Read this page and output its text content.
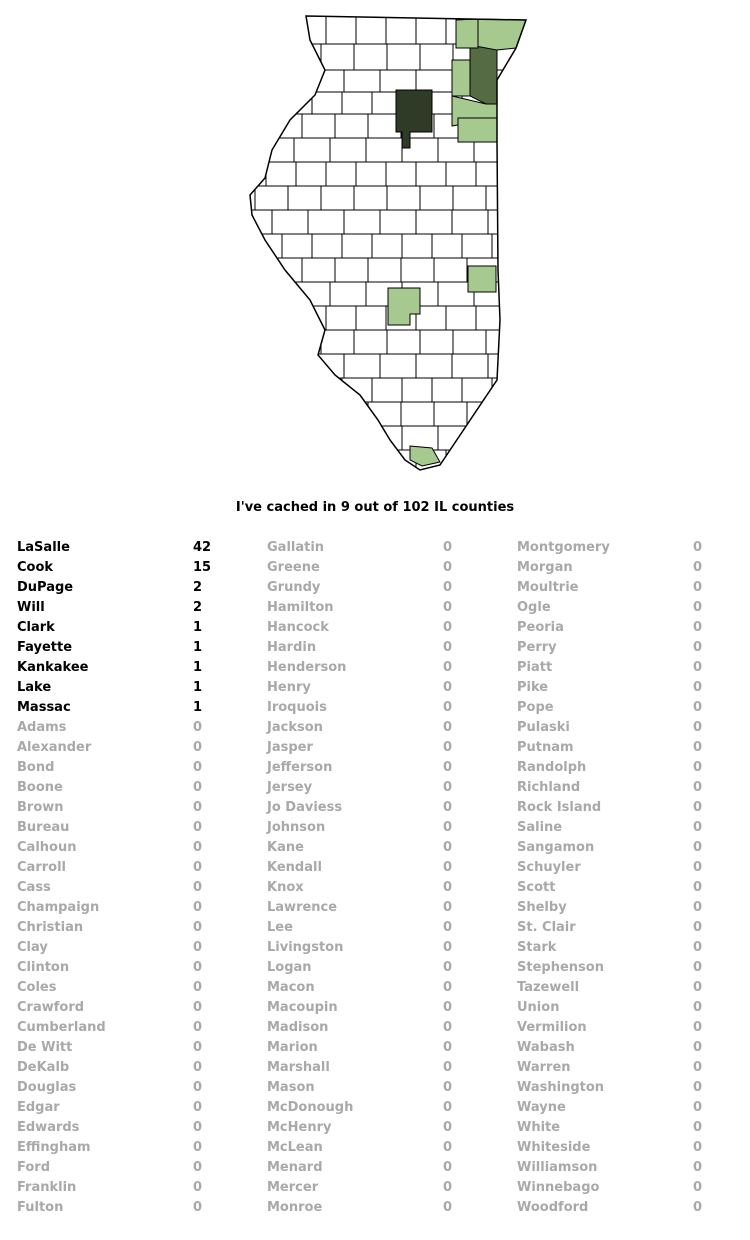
I've cached in 9 out of 102 IL counties
LaSalle	42
Cook	15
DuPage	2
Will	2
Clark	1
Fayette	1
Kankakee	1
Lake	1
Massac	1
Adams	0
Alexander	0
Bond	0
Boone	0
Brown	0
Bureau	0
Calhoun	0
Carroll	0
Cass	0
Champaign	0
Christian	0
Clay	0
Clinton	0
Coles	0
Crawford	0
Cumberland	0
De Witt	0
DeKalb	0
Douglas	0
Edgar	0
Edwards	0
Effingham	0
Ford	0
Franklin	0
Fulton	0
Gallatin	0
Greene	0
Grundy	0
Hamilton	0
Hancock	0
Hardin	0
Henderson	0
Henry	0
Iroquois	0
Jackson	0
Jasper	0
Jefferson	0
Jersey	0
Jo Daviess	0
Johnson	0
Kane	0
Kendall	0
Knox	0
Lawrence	0
Lee	0
Livingston	0
Logan	0
Macon	0
Macoupin	0
Madison	0
Marion	0
Marshall	0
Mason	0
McDonough	0
McHenry	0
McLean	0
Menard	0
Mercer	0
Monroe	0
Montgomery	0
Morgan	0
Moultrie	0
Ogle	0
Peoria	0
Perry	0
Piatt	0
Pike	0
Pope	0
Pulaski	0
Putnam	0
Randolph	0
Richland	0
Rock Island	0
Saline	0
Sangamon	0
Schuyler	0
Scott	0
Shelby	0
St. Clair	0
Stark	0
Stephenson	0
Tazewell	0
Union	0
Vermilion	0
Wabash	0
Warren	0
Washington	0
Wayne	0
White	0
Whiteside	0
Williamson	0
Winnebago	0
Woodford	0
